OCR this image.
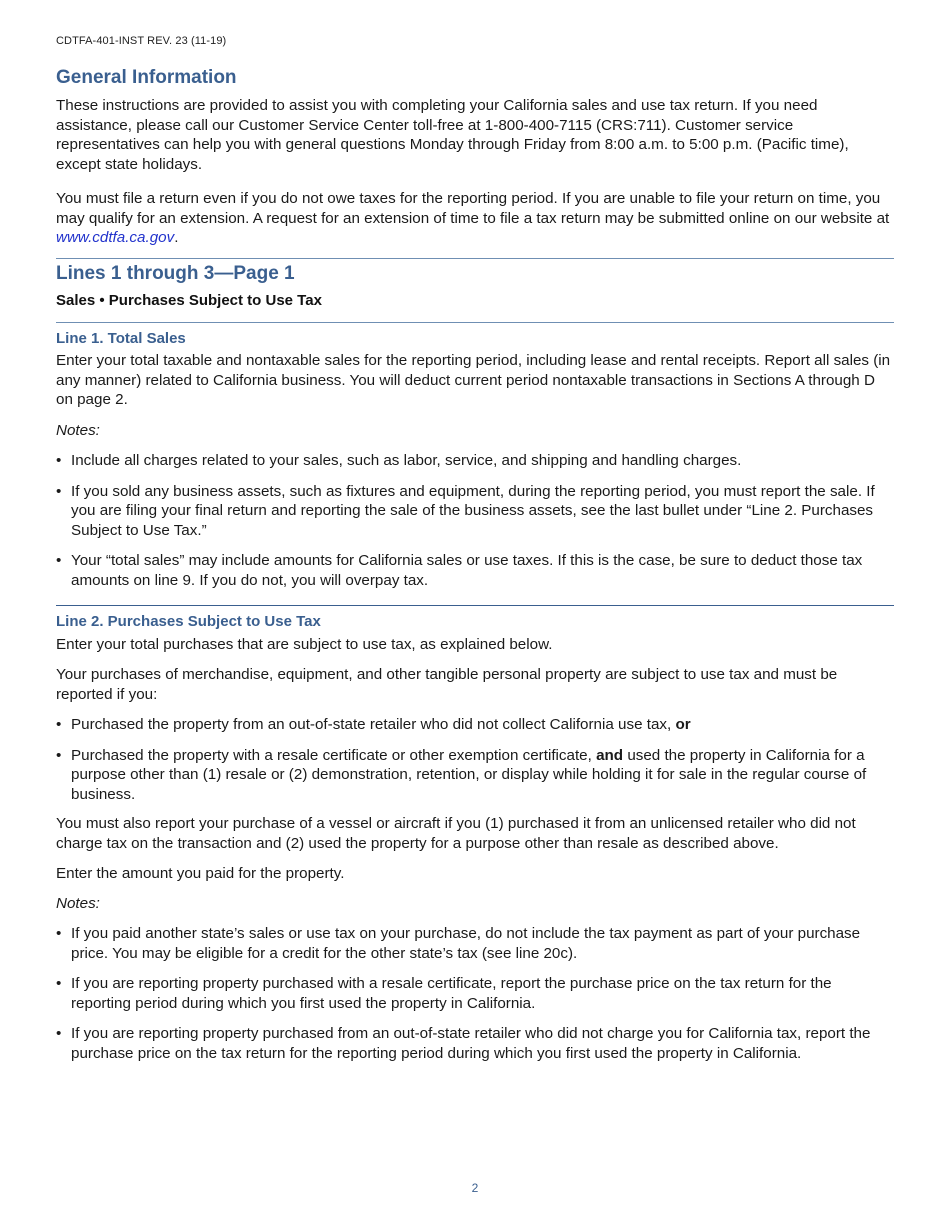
CDTFA-401-INST REV. 23 (11-19)
General Information

These instructions are provided to assist you with completing your California sales and use tax return. If you need assistance, please call our Customer Service Center toll-free at 1-800-400-7115 (CRS:711). Customer service representatives can help you with general questions Monday through Friday from 8:00 a.m. to 5:00 p.m. (Pacific time), except state holidays.

You must file a return even if you do not owe taxes for the reporting period. If you are unable to file your return on time, you may qualify for an extension. A request for an extension of time to file a tax return may be submitted online on our website at www.cdtfa.ca.gov.

Lines 1 through 3—Page 1
Sales • Purchases Subject to Use Tax
Line 1. Total Sales

Enter your total taxable and nontaxable sales for the reporting period, including lease and rental receipts. Report all sales (in any manner) related to California business. You will deduct current period nontaxable transactions in Sections A through D on page 2.

Notes:

• Include all charges related to your sales, such as labor, service, and shipping and handling charges.
• If you sold any business assets, such as fixtures and equipment, during the reporting period, you must report the sale. If you are filing your final return and reporting the sale of the business assets, see the last bullet under “Line 2. Purchases Subject to Use Tax.”
• Your “total sales” may include amounts for California sales or use taxes. If this is the case, be sure to deduct those tax amounts on line 9. If you do not, you will overpay tax.
Line 2. Purchases Subject to Use Tax

Enter your total purchases that are subject to use tax, as explained below.

Your purchases of merchandise, equipment, and other tangible personal property are subject to use tax and must be reported if you:

• Purchased the property from an out-of-state retailer who did not collect California use tax, or
• Purchased the property with a resale certificate or other exemption certificate, and used the property in California for a purpose other than (1) resale or (2) demonstration, retention, or display while holding it for sale in the regular course of business.

You must also report your purchase of a vessel or aircraft if you (1) purchased it from an unlicensed retailer who did not charge tax on the transaction and (2) used the property for a purpose other than resale as described above.

Enter the amount you paid for the property.

Notes:

• If you paid another state’s sales or use tax on your purchase, do not include the tax payment as part of your purchase price. You may be eligible for a credit for the other state’s tax (see line 20c).
• If you are reporting property purchased with a resale certificate, report the purchase price on the tax return for the reporting period during which you first used the property in California.
• If you are reporting property purchased from an out-of-state retailer who did not charge you for California tax, report the purchase price on the tax return for the reporting period during which you first used the property in California.
2
